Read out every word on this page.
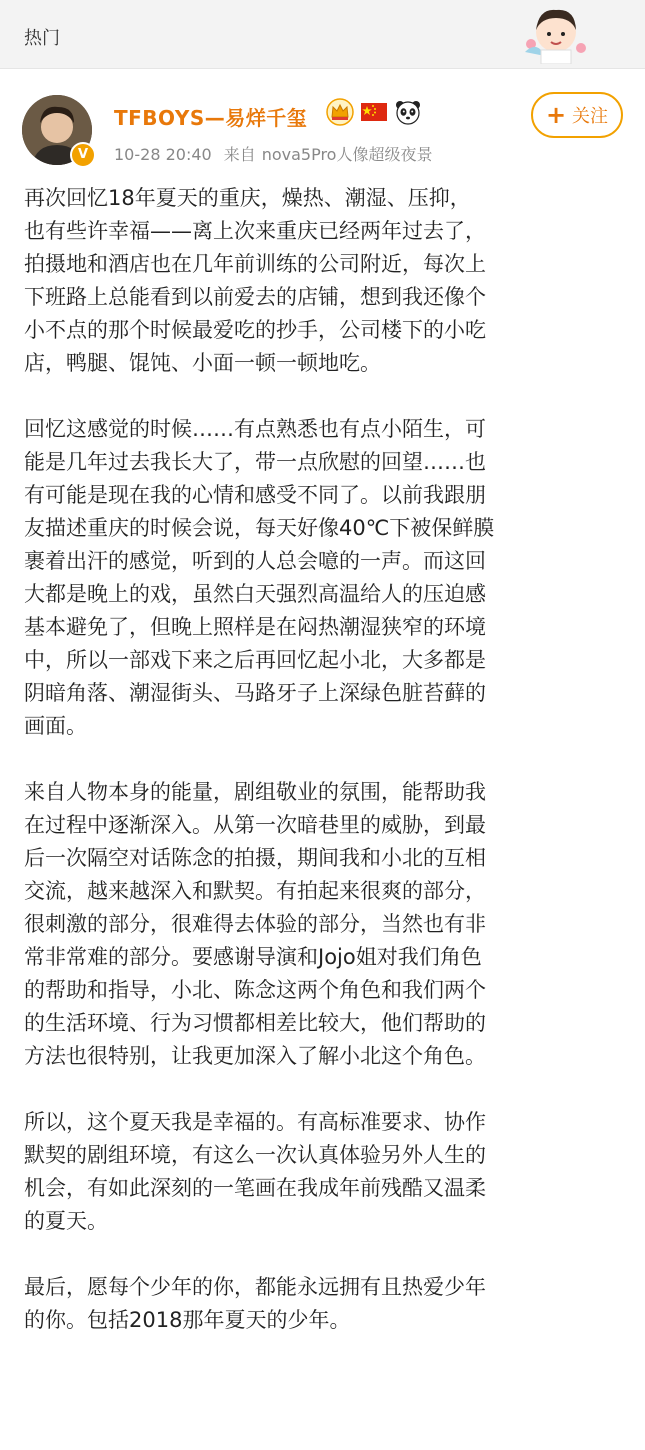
热门
V
TFBOYS—易烊千玺
10-28 20:40 来自 nova5Pro人像超级夜景
+ 关注

再次回忆18年夏天的重庆，燥热、潮湿、压抑，
也有些许幸福——离上次来重庆已经两年过去了，
拍摄地和酒店也在几年前训练的公司附近，每次上
下班路上总能看到以前爱去的店铺，想到我还像个
小不点的那个时候最爱吃的抄手，公司楼下的小吃
店，鸭腿、馄饨、小面一顿一顿地吃。

回忆这感觉的时候……有点熟悉也有点小陌生，可
能是几年过去我长大了，带一点欣慰的回望……也
有可能是现在我的心情和感受不同了。以前我跟朋
友描述重庆的时候会说，每天好像40℃下被保鲜膜
裹着出汗的感觉，听到的人总会噫的一声。而这回
大都是晚上的戏，虽然白天强烈高温给人的压迫感
基本避免了，但晚上照样是在闷热潮湿狭窄的环境
中，所以一部戏下来之后再回忆起小北，大多都是
阴暗角落、潮湿街头、马路牙子上深绿色脏苔藓的
画面。

来自人物本身的能量，剧组敬业的氛围，能帮助我
在过程中逐渐深入。从第一次暗巷里的威胁，到最
后一次隔空对话陈念的拍摄，期间我和小北的互相
交流，越来越深入和默契。有拍起来很爽的部分，
很刺激的部分，很难得去体验的部分，当然也有非
常非常难的部分。要感谢导演和Jojo姐对我们角色
的帮助和指导，小北、陈念这两个角色和我们两个
的生活环境、行为习惯都相差比较大，他们帮助的
方法也很特别，让我更加深入了解小北这个角色。

所以，这个夏天我是幸福的。有高标准要求、协作
默契的剧组环境，有这么一次认真体验另外人生的
机会，有如此深刻的一笔画在我成年前残酷又温柔
的夏天。

最后，愿每个少年的你，都能永远拥有且热爱少年
的你。包括2018那年夏天的少年。
